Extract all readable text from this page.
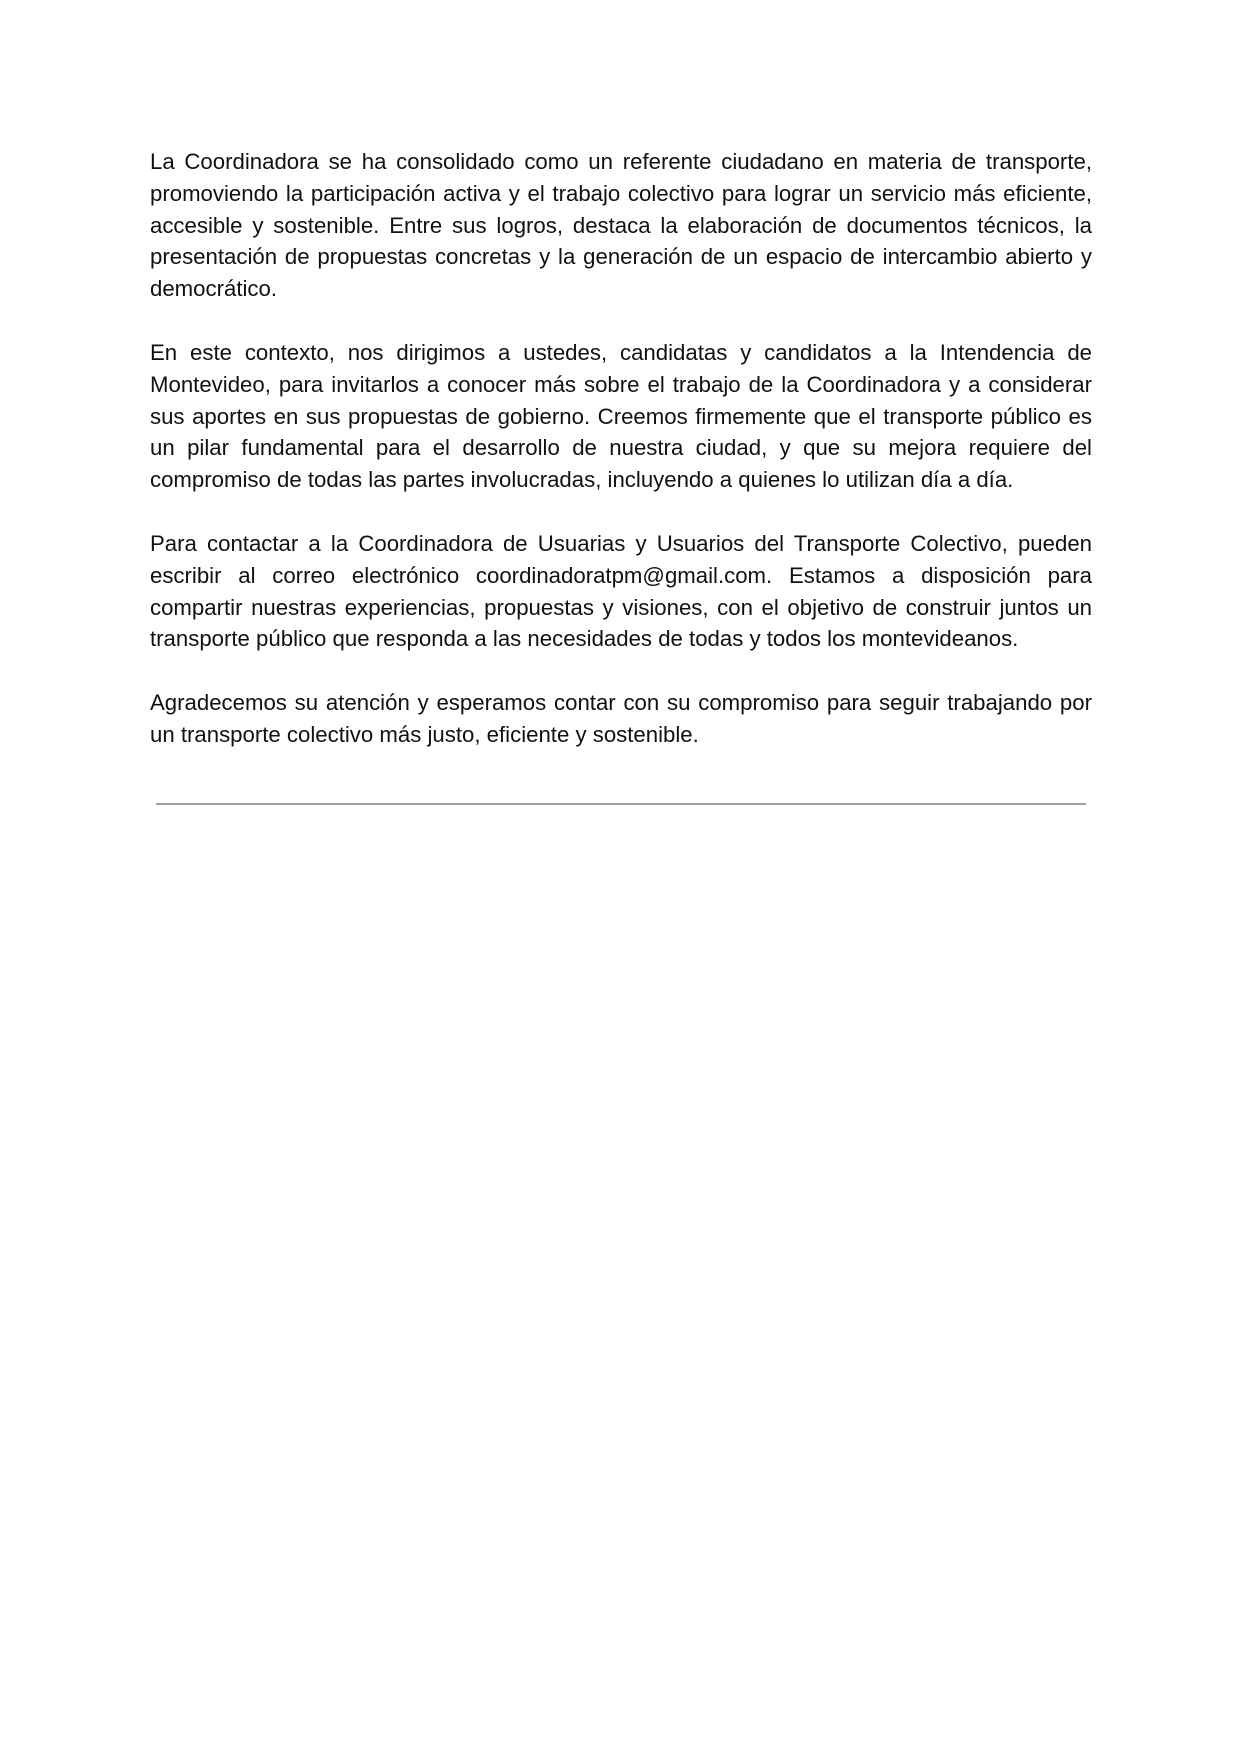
La Coordinadora se ha consolidado como un referente ciudadano en materia de transporte, promoviendo la participación activa y el trabajo colectivo para lograr un servicio más eficiente, accesible y sostenible. Entre sus logros, destaca la elaboración de documentos técnicos, la presentación de propuestas concretas y la generación de un espacio de intercambio abierto y democrático.

En este contexto, nos dirigimos a ustedes, candidatas y candidatos a la Intendencia de Montevideo, para invitarlos a conocer más sobre el trabajo de la Coordinadora y a considerar sus aportes en sus propuestas de gobierno. Creemos firmemente que el transporte público es un pilar fundamental para el desarrollo de nuestra ciudad, y que su mejora requiere del compromiso de todas las partes involucradas, incluyendo a quienes lo utilizan día a día.

Para contactar a la Coordinadora de Usuarias y Usuarios del Transporte Colectivo, pueden escribir al correo electrónico coordinadoratpm@gmail.com. Estamos a disposición para compartir nuestras experiencias, propuestas y visiones, con el objetivo de construir juntos un transporte público que responda a las necesidades de todas y todos los montevideanos.

Agradecemos su atención y esperamos contar con su compromiso para seguir trabajando por un transporte colectivo más justo, eficiente y sostenible.
